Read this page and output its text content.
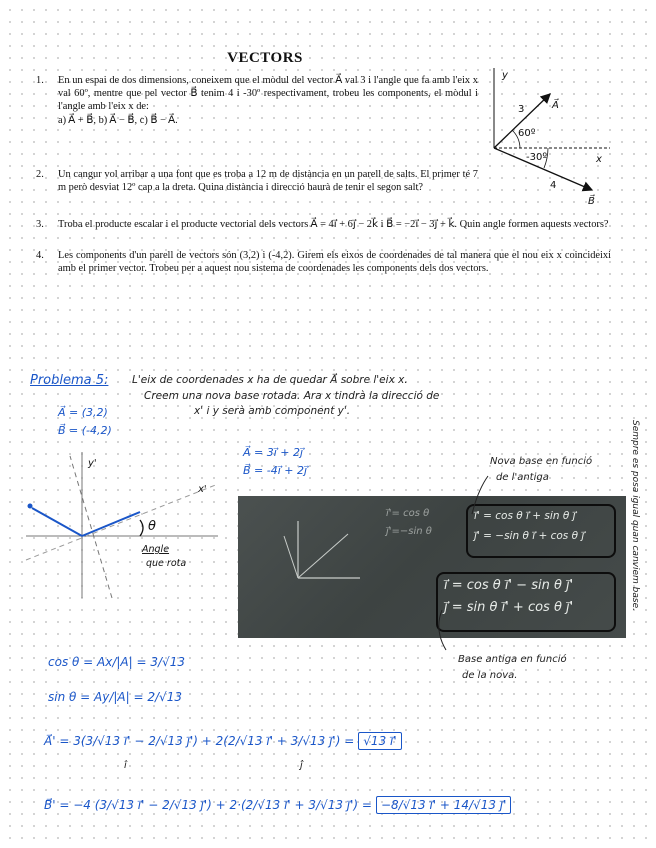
VECTORS
1. En un espai de dos dimensions, coneixem que el mòdul del vector A⃗ val 3 i l'angle que fa amb l'eix x val 60º, mentre que pel vector B⃗ tenim 4 i -30º respectivament, trobeu les components, el mòdul i l'angle amb l'eix x de:
a) A⃗ + B⃗, b) A⃗ − B⃗, c) B⃗ − A⃗.
2. Un cangur vol arribar a una font que es troba a 12 m de distància en un parell de salts. El primer té 7 m però desviat 12º cap a la dreta. Quina distància i direcció haurà de tenir el segon salt?
3. Troba el producte escalar i el producte vectorial dels vectors A⃗ = 4ı⃗ + 6ȷ⃗ − 2k⃗ i B⃗ = −2ı⃗ − 3ȷ⃗ + k⃗. Quin angle formen aquests vectors?
4. Les components d'un parell de vectors són (3,2) i (-4,2). Girem els eixos de coordenades de tal manera que el nou eix x coincideixi amb el primer vector. Trobeu per a aquest nou sistema de coordenades les components dels dos vectors.
y
x
A⃗
B⃗
3
4
60º
-30º
Problema 5: L'eix de coordenades x ha de quedar A⃗ sobre l'eix x.
Creem una nova base rotada. Ara x tindrà la direcció de
x' i y serà amb component y'.
A⃗ = (3,2)
B⃗ = (-4,2)
A⃗ = 3ı⃗ + 2ȷ⃗
B⃗ = -4ı⃗ + 2ȷ⃗
Nova base en funció
de l'antiga
y'
x'
θ
Angle
que rota
ı⃗'= cos θ
ȷ⃗'=−sin θ
ı⃗' = cos θ ı⃗ + sin θ ȷ⃗
ȷ⃗' = −sin θ ı⃗ + cos θ ȷ⃗
ı⃗ = cos θ ı⃗' − sin θ ȷ⃗'
ȷ⃗ = sin θ ı⃗' + cos θ ȷ⃗'
Base antiga en funció
de la nova.
Sempre es posa igual quan canviem base.
cos θ = Ax/|A| = 3/√13
sin θ = Ay/|A| = 2/√13
A⃗' = 3(3/√13 ı⃗' − 2/√13 ȷ⃗') + 2(2/√13 ı⃗' + 3/√13 ȷ⃗') = √13 ı⃗'
î	ĵ
B⃗' = −4 (3/√13 ı⃗' − 2/√13 ȷ⃗') + 2·(2/√13 ı⃗' + 3/√13 ȷ⃗') = −8/√13 ı⃗' + 14/√13 ȷ⃗'
